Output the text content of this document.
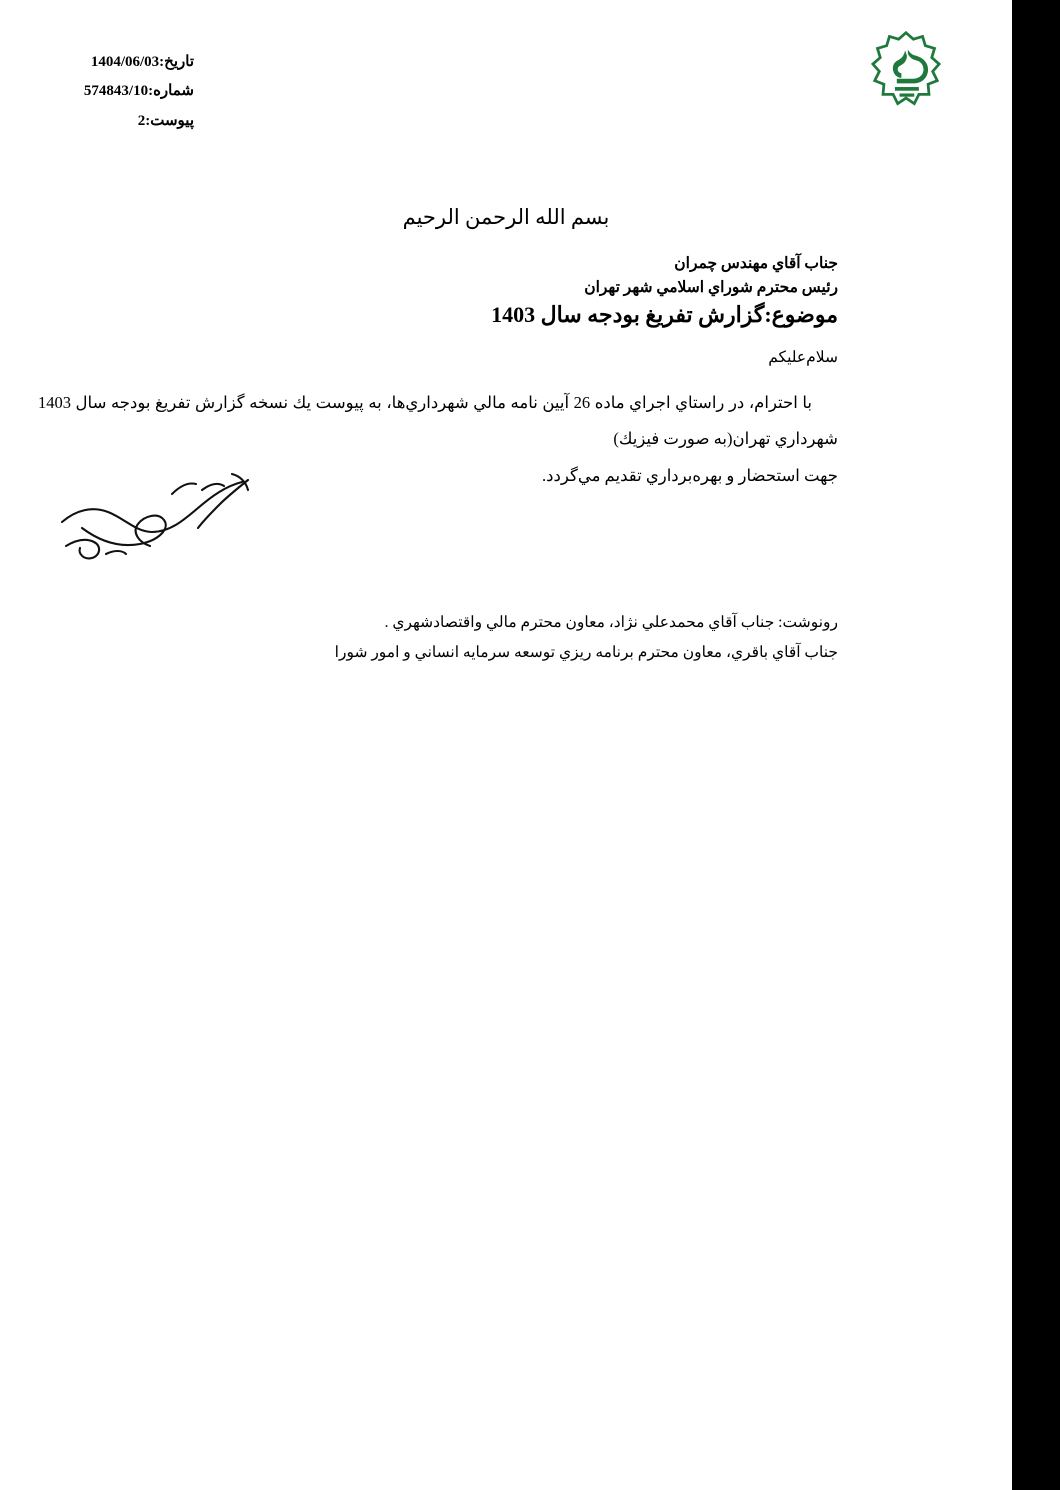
تاريخ:1404/06/03
شماره:574843/10
پيوست:2
بسم الله الرحمن الرحيم
جناب آقاي مهندس چمران
رئيس محترم شوراي اسلامي شهر تهران
موضوع:گزارش تفريغ بودجه سال 1403
سلام‌عليكم

با احترام، در راستاي اجراي ماده 26 آيين نامه مالي شهرداري‌ها، به پيوست يك نسخه گزارش تفريغ بودجه سال 1403 شهرداري تهران(به صورت فيزيك)

جهت استحضار و بهره‌برداري تقديم مي‌گردد.

رونوشت: جناب آقاي محمدعلي نژاد، معاون محترم مالي واقتصادشهري .
جناب آقاي باقري، معاون محترم برنامه ريزي توسعه سرمايه انساني و امور شورا
